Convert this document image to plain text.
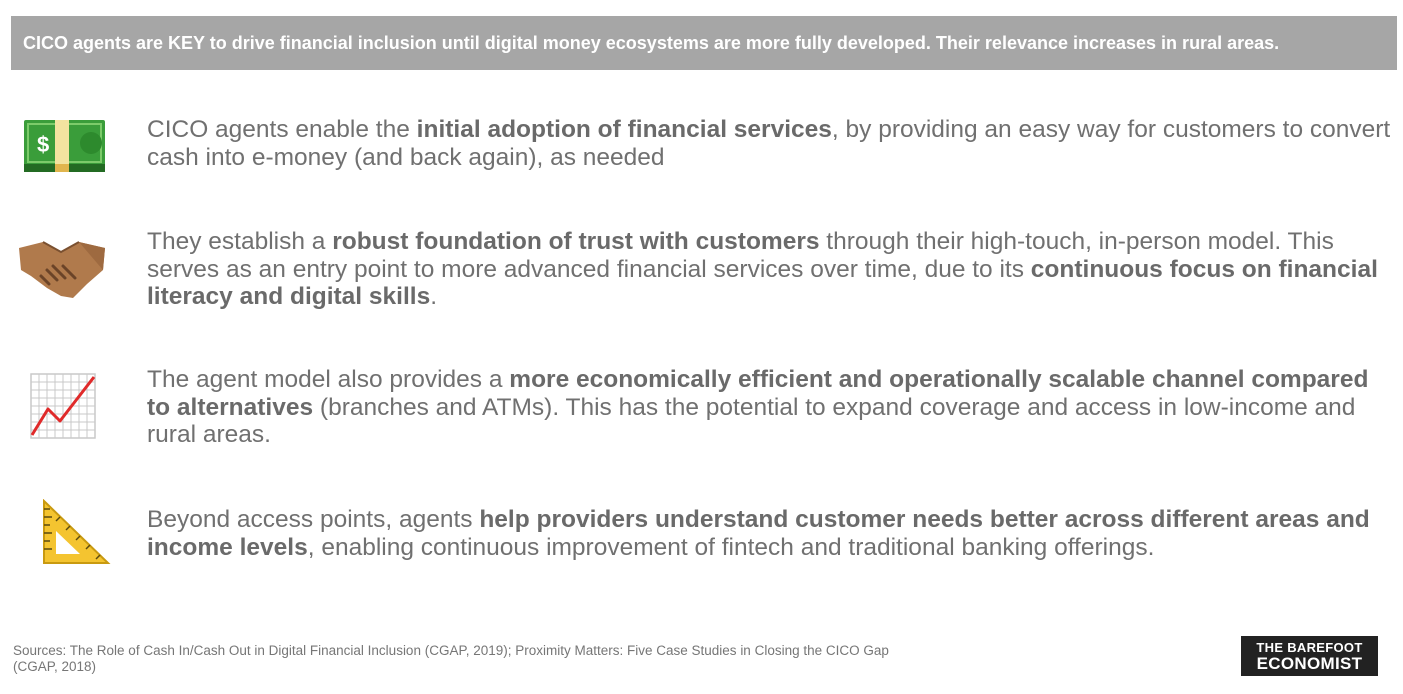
CICO agents are KEY to drive financial inclusion until digital money ecosystems are more fully developed. Their relevance increases in rural areas.
$
CICO agents enable the initial adoption of financial services, by providing an easy way for customers to convert cash into e-money (and back again), as needed
They establish a robust foundation of trust with customers through their high-touch, in-person model. This serves as an entry point to more advanced financial services over time, due to its continuous focus on financial literacy and digital skills.
The agent model also provides a more economically efficient and operationally scalable channel compared to alternatives (branches and ATMs). This has the potential to expand coverage and access in low-income and rural areas.
Beyond access points, agents help providers understand customer needs better across different areas and income levels, enabling continuous improvement of fintech and traditional banking offerings.
Sources: The Role of Cash In/Cash Out in Digital Financial Inclusion (CGAP, 2019); Proximity Matters: Five Case Studies in Closing the CICO Gap (CGAP, 2018)
THE BAREFOOT
ECONOMIST
